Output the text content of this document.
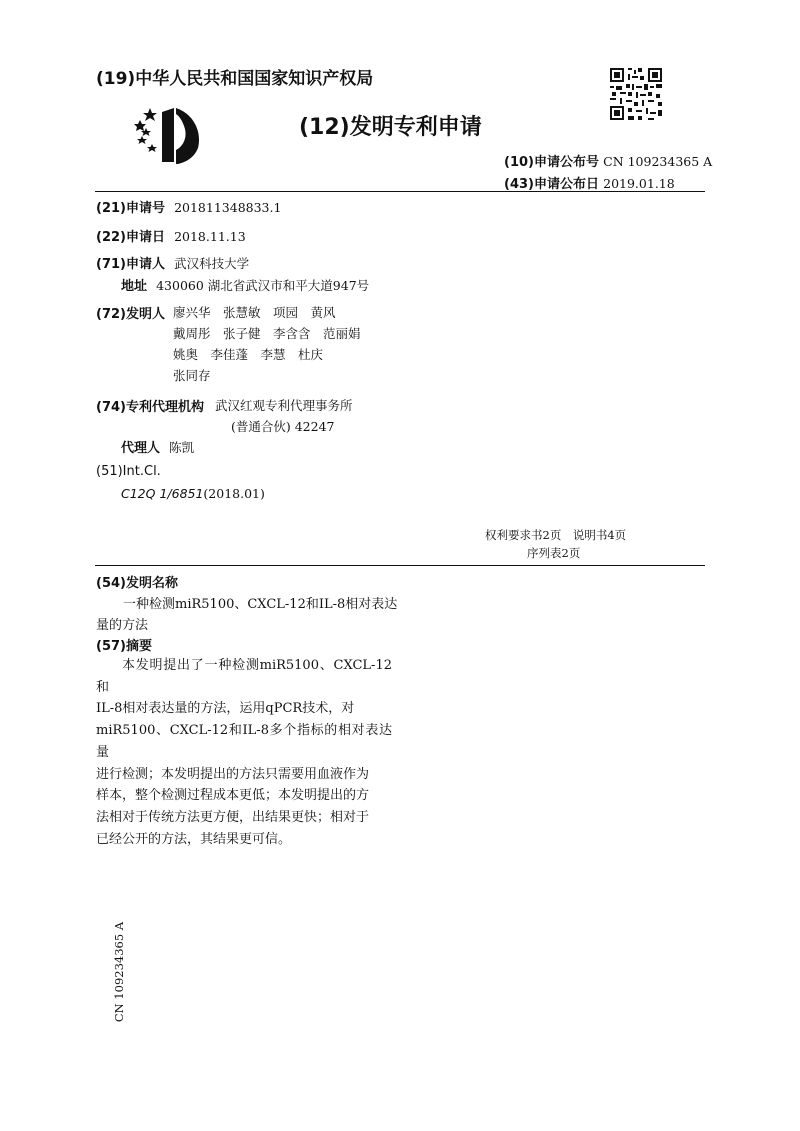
(19)中华人民共和国国家知识产权局
(12)发明专利申请
(10)申请公布号 CN 109234365 A
(43)申请公布日 2019.01.18
(21)申请号 201811348833.1
(22)申请日 2018.11.13
(71)申请人 武汉科技大学
地址 430060 湖北省武汉市和平大道947号
(72)发明人 廖兴华　张慧敏　项园　黄风
戴周彤　张子健　李含含　范丽娟
姚奥　李佳蓬　李慧　杜庆
张同存
(74)专利代理机构 武汉红观专利代理事务所
(普通合伙) 42247
代理人 陈凯
(51)Int.Cl.
C12Q 1/6851(2018.01)
权利要求书2页　说明书4页
序列表2页
(54)发明名称
一种检测miR5100、CXCL-12和IL-8相对表达
量的方法
(57)摘要
本发明提出了一种检测miR5100、CXCL-12和
IL-8相对表达量的方法，运用qPCR技术，对
miR5100、CXCL-12和IL-8多个指标的相对表达量
进行检测；本发明提出的方法只需要用血液作为
样本，整个检测过程成本更低；本发明提出的方
法相对于传统方法更方便，出结果更快；相对于
已经公开的方法，其结果更可信。
CN 109234365 A
